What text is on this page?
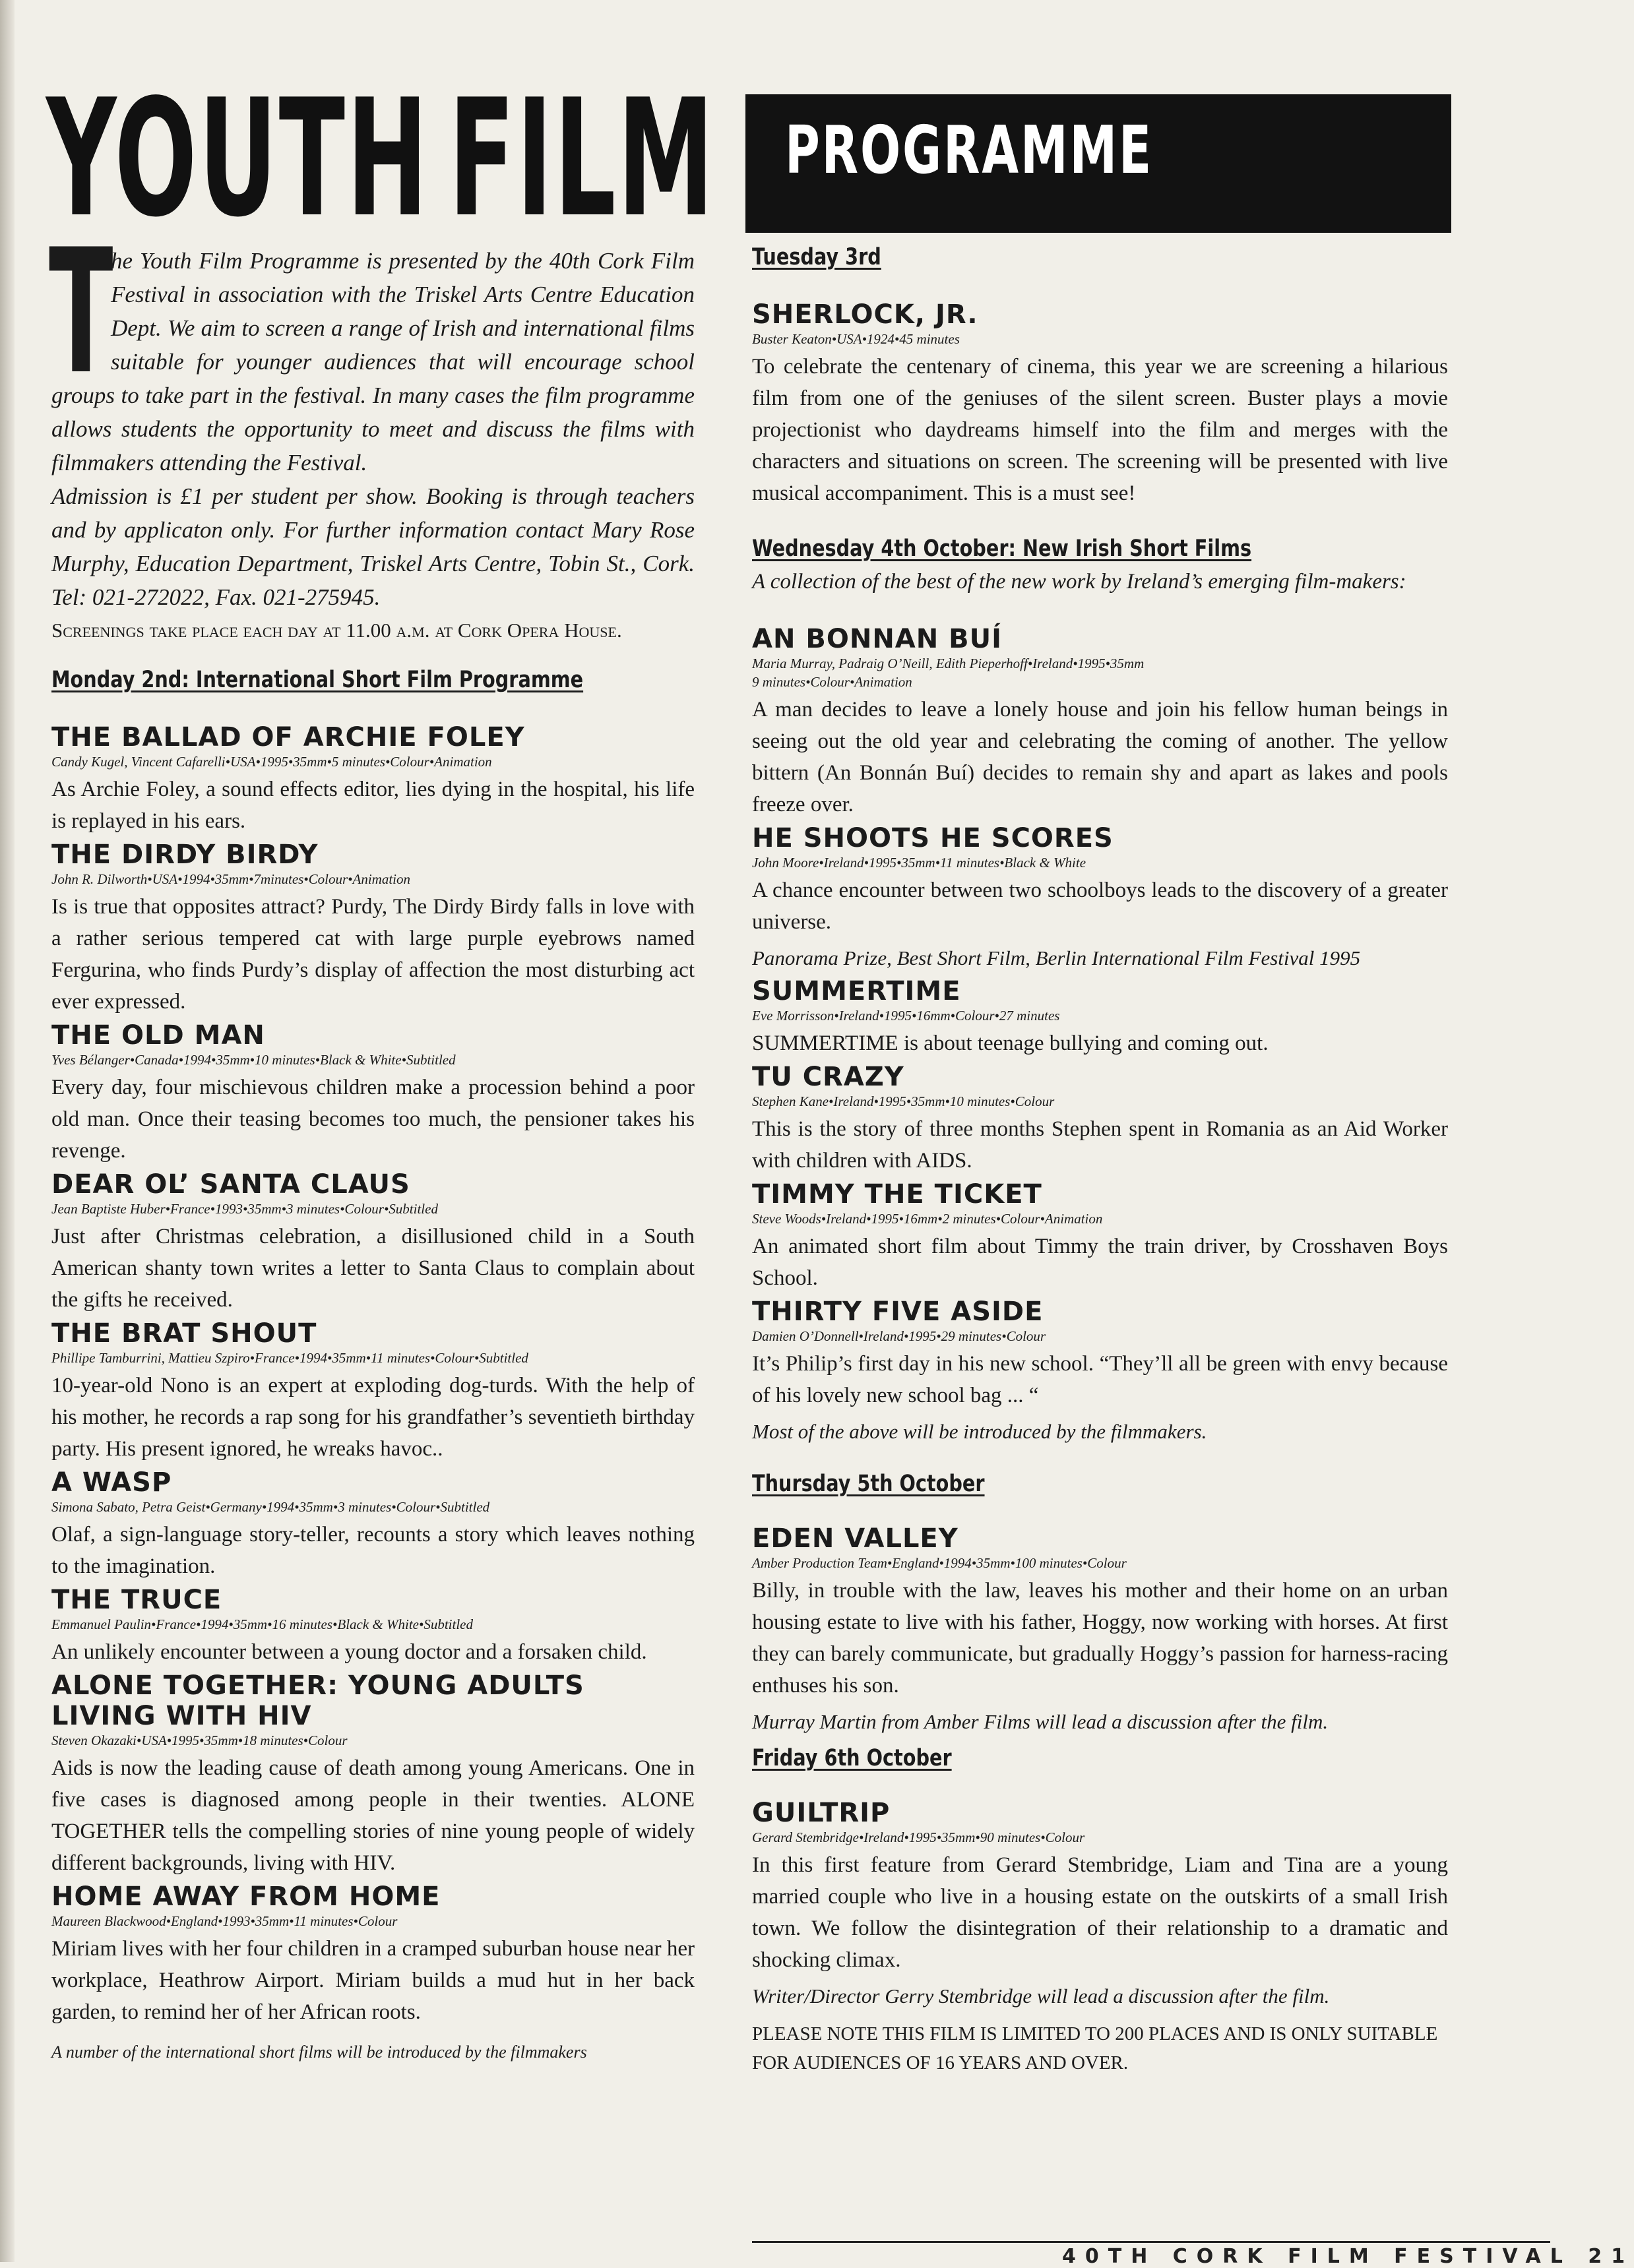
YOUTH FILM PROGRAMME
T

he Youth Film Programme is presented by the 40th Cork Film Festival in association with the Triskel Arts Centre Education Dept. We aim to screen a range of Irish and international films suitable for younger audiences that will encourage school groups to take part in the festival. In many cases the film programme allows students the opportunity to meet and discuss the films with filmmakers attending the Festival.

Admission is £1 per student per show. Booking is through teachers and by applicaton only. For further information contact Mary Rose Murphy, Education Department, Triskel Arts Centre, Tobin St., Cork. Tel: 021-272022, Fax. 021-275945.

Screenings take place each day at 11.00 a.m. at Cork Opera House.

Monday 2nd: International Short Film Programme
THE BALLAD OF ARCHIE FOLEY
Candy Kugel, Vincent Cafarelli•USA•1995•35mm•5 minutes•Colour•Animation

As Archie Foley, a sound effects editor, lies dying in the hospital, his life is replayed in his ears.

THE DIRDY BIRDY
John R. Dilworth•USA•1994•35mm•7minutes•Colour•Animation

Is is true that opposites attract? Purdy, The Dirdy Birdy falls in love with a rather serious tempered cat with large purple eyebrows named Fergurina, who finds Purdy’s display of affection the most disturbing act ever expressed.

THE OLD MAN
Yves Bélanger•Canada•1994•35mm•10 minutes•Black & White•Subtitled

Every day, four mischievous children make a procession behind a poor old man. Once their teasing becomes too much, the pensioner takes his revenge.

DEAR OL’ SANTA CLAUS
Jean Baptiste Huber•France•1993•35mm•3 minutes•Colour•Subtitled

Just after Christmas celebration, a disillusioned child in a South American shanty town writes a letter to Santa Claus to complain about the gifts he received.

THE BRAT SHOUT
Phillipe Tamburrini, Mattieu Szpiro•France•1994•35mm•11 minutes•Colour•Subtitled

10-year-old Nono is an expert at exploding dog-turds. With the help of his mother, he records a rap song for his grandfather’s seventieth birthday party. His present ignored, he wreaks havoc..

A WASP
Simona Sabato, Petra Geist•Germany•1994•35mm•3 minutes•Colour•Subtitled

Olaf, a sign-language story-teller, recounts a story which leaves nothing to the imagination.

THE TRUCE
Emmanuel Paulin•France•1994•35mm•16 minutes•Black & White•Subtitled

An unlikely encounter between a young doctor and a forsaken child.

ALONE TOGETHER: YOUNG ADULTS LIVING WITH HIV
Steven Okazaki•USA•1995•35mm•18 minutes•Colour

Aids is now the leading cause of death among young Americans. One in five cases is diagnosed among people in their twenties. ALONE TOGETHER tells the compelling stories of nine young people of widely different backgrounds, living with HIV.

HOME AWAY FROM HOME
Maureen Blackwood•England•1993•35mm•11 minutes•Colour

Miriam lives with her four children in a cramped suburban house near her workplace, Heathrow Airport. Miriam builds a mud hut in her back garden, to remind her of her African roots.

A number of the international short films will be introduced by the filmmakers

Tuesday 3rd
SHERLOCK, JR.
Buster Keaton•USA•1924•45 minutes

To celebrate the centenary of cinema, this year we are screening a hilarious film from one of the geniuses of the silent screen. Buster plays a movie projectionist who daydreams himself into the film and merges with the characters and situations on screen. The screening will be presented with live musical accompaniment. This is a must see!

Wednesday 4th October: New Irish Short Films

A collection of the best of the new work by Ireland’s emerging film-makers:

AN BONNAN BUÍ
Maria Murray, Padraig O’Neill, Edith Pieperhoff•Ireland•1995•35mm
9 minutes•Colour•Animation

A man decides to leave a lonely house and join his fellow human beings in seeing out the old year and celebrating the coming of another. The yellow bittern (An Bonnán Buí) decides to remain shy and apart as lakes and pools freeze over.

HE SHOOTS HE SCORES
John Moore•Ireland•1995•35mm•11 minutes•Black & White

A chance encounter between two schoolboys leads to the discovery of a greater universe.

Panorama Prize, Best Short Film, Berlin International Film Festival 1995

SUMMERTIME
Eve Morrisson•Ireland•1995•16mm•Colour•27 minutes

SUMMERTIME is about teenage bullying and coming out.

TU CRAZY
Stephen Kane•Ireland•1995•35mm•10 minutes•Colour

This is the story of three months Stephen spent in Romania as an Aid Worker with children with AIDS.

TIMMY THE TICKET
Steve Woods•Ireland•1995•16mm•2 minutes•Colour•Animation

An animated short film about Timmy the train driver, by Crosshaven Boys School.

THIRTY FIVE ASIDE
Damien O’Donnell•Ireland•1995•29 minutes•Colour

It’s Philip’s first day in his new school. “They’ll all be green with envy because of his lovely new school bag ... “

Most of the above will be introduced by the filmmakers.

Thursday 5th October
EDEN VALLEY
Amber Production Team•England•1994•35mm•100 minutes•Colour

Billy, in trouble with the law, leaves his mother and their home on an urban housing estate to live with his father, Hoggy, now working with horses. At first they can barely communicate, but gradually Hoggy’s passion for harness-racing enthuses his son.

Murray Martin from Amber Films will lead a discussion after the film.

Friday 6th October
GUILTRIP
Gerard Stembridge•Ireland•1995•35mm•90 minutes•Colour

In this first feature from Gerard Stembridge, Liam and Tina are a young married couple who live in a housing estate on the outskirts of a small Irish town. We follow the disintegration of their relationship to a dramatic and shocking climax.

Writer/Director Gerry Stembridge will lead a discussion after the film.

PLEASE NOTE THIS FILM IS LIMITED TO 200 PLACES AND IS ONLY SUITABLE FOR AUDIENCES OF 16 YEARS AND OVER.

40TH CORK FILM FESTIVAL 21
